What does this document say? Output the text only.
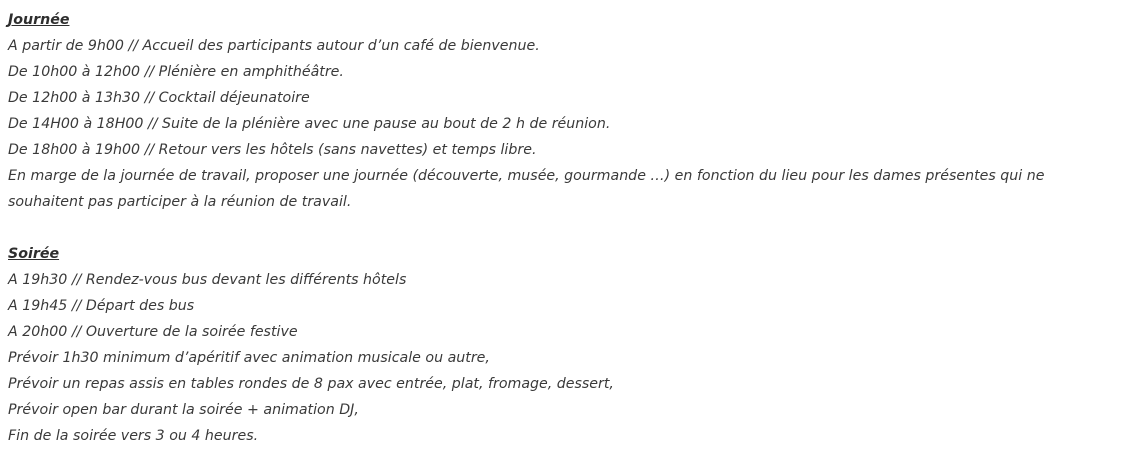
Journée
A partir de 9h00 // Accueil des participants autour d’un café de bienvenue.
De 10h00 à 12h00 // Plénière en amphithéâtre.
De 12h00 à 13h30 // Cocktail déjeunatoire
De 14H00 à 18H00 // Suite de la plénière avec une pause au bout de 2 h de réunion.
De 18h00 à 19h00 // Retour vers les hôtels (sans navettes) et temps libre.
En marge de la journée de travail, proposer une journée (découverte, musée, gourmande …) en fonction du lieu pour les dames présentes qui ne
souhaitent pas participer à la réunion de travail.
Soirée
A 19h30 // Rendez-vous bus devant les différents hôtels
A 19h45 // Départ des bus
A 20h00 // Ouverture de la soirée festive
Prévoir 1h30 minimum d’apéritif avec animation musicale ou autre,
Prévoir un repas assis en tables rondes de 8 pax avec entrée, plat, fromage, dessert,
Prévoir open bar durant la soirée + animation DJ,
Fin de la soirée vers 3 ou 4 heures.
